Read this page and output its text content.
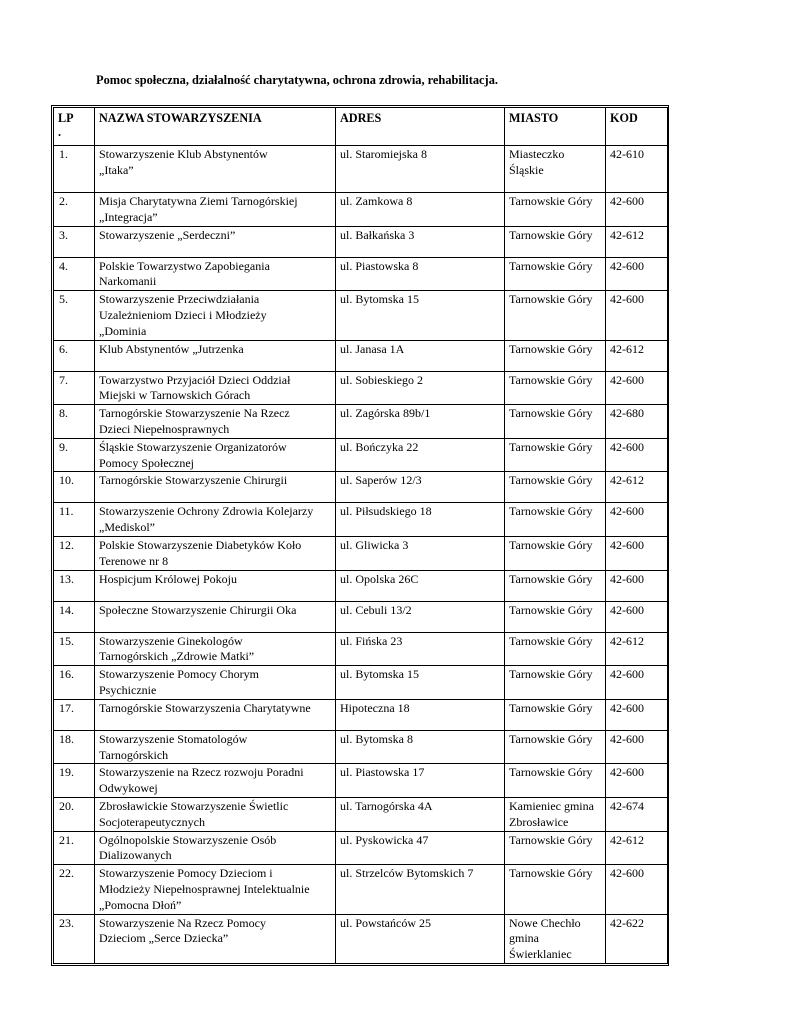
Pomoc społeczna, działalność charytatywna, ochrona zdrowia, rehabilitacja.
LP
.	NAZWA STOWARZYSZENIA	ADRES	MIASTO	KOD
1.	Stowarzyszenie Klub Abstynentów
„Itaka”	ul. Staromiejska 8	Miasteczko
Śląskie	42-610
2.	Misja Charytatywna Ziemi Tarnogórskiej
„Integracja”	ul. Zamkowa 8	Tarnowskie Góry	42-600
3.	Stowarzyszenie „Serdeczni”	ul. Bałkańska 3	Tarnowskie Góry	42-612
4.	Polskie Towarzystwo Zapobiegania
Narkomanii	ul. Piastowska 8	Tarnowskie Góry	42-600
5.	Stowarzyszenie Przeciwdziałania
Uzależnieniom Dzieci i Młodzieży
„Dominia	ul. Bytomska 15	Tarnowskie Góry	42-600
6.	Klub Abstynentów „Jutrzenka	ul. Janasa 1A	Tarnowskie Góry	42-612
7.	Towarzystwo Przyjaciół Dzieci Oddział
Miejski w Tarnowskich Górach	ul. Sobieskiego 2	Tarnowskie Góry	42-600
8.	Tarnogórskie Stowarzyszenie Na Rzecz
Dzieci Niepełnosprawnych	ul. Zagórska 89b/1	Tarnowskie Góry	42-680
9.	Śląskie Stowarzyszenie Organizatorów
Pomocy Społecznej	ul. Bończyka 22	Tarnowskie Góry	42-600
10.	Tarnogórskie Stowarzyszenie Chirurgii	ul. Saperów 12/3	Tarnowskie Góry	42-612
11.	Stowarzyszenie Ochrony Zdrowia Kolejarzy
„Mediskol”	ul. Piłsudskiego 18	Tarnowskie Góry	42-600
12.	Polskie Stowarzyszenie Diabetyków Koło
Terenowe nr 8	ul. Gliwicka 3	Tarnowskie Góry	42-600
13.	Hospicjum Królowej Pokoju	ul. Opolska 26C	Tarnowskie Góry	42-600
14.	Społeczne Stowarzyszenie Chirurgii Oka	ul. Cebuli 13/2	Tarnowskie Góry	42-600
15.	Stowarzyszenie Ginekologów
Tarnogórskich „Zdrowie Matki”	ul. Fińska 23	Tarnowskie Góry	42-612
16.	Stowarzyszenie Pomocy Chorym
Psychicznie	ul. Bytomska 15	Tarnowskie Góry	42-600
17.	Tarnogórskie Stowarzyszenia Charytatywne	Hipoteczna 18	Tarnowskie Góry	42-600
18.	Stowarzyszenie Stomatologów
Tarnogórskich	ul. Bytomska 8	Tarnowskie Góry	42-600
19.	Stowarzyszenie na Rzecz rozwoju Poradni
Odwykowej	ul. Piastowska 17	Tarnowskie Góry	42-600
20.	Zbrosławickie Stowarzyszenie Świetlic
Socjoterapeutycznych	ul. Tarnogórska 4A	Kamieniec gmina
Zbrosławice	42-674
21.	Ogólnopolskie Stowarzyszenie Osób
Dializowanych	ul. Pyskowicka 47	Tarnowskie Góry	42-612
22.	Stowarzyszenie Pomocy Dzieciom i
Młodzieży Niepełnosprawnej Intelektualnie
„Pomocna Dłoń”	ul. Strzelców Bytomskich 7	Tarnowskie Góry	42-600
23.	Stowarzyszenie Na Rzecz Pomocy
Dzieciom „Serce Dziecka”	ul. Powstańców 25	Nowe Chechło
gmina
Świerklaniec	42-622
